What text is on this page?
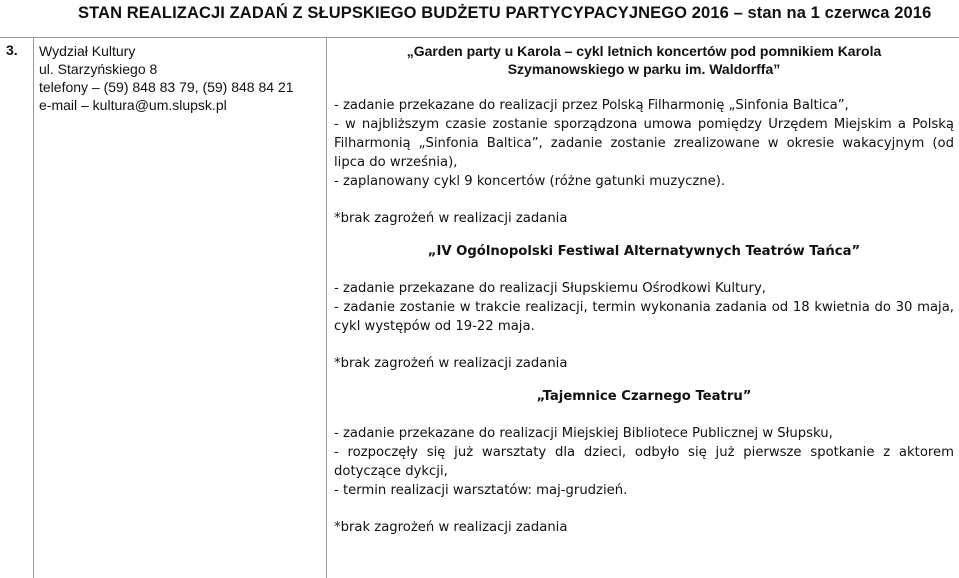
STAN REALIZACJI ZADAŃ Z SŁUPSKIEGO BUDŻETU PARTYCYPACYJNEGO 2016 – stan na 1 czerwca 2016
3. Wydział Kultury
ul. Starzyńskiego 8
telefony – (59) 848 83 79, (59) 848 84 21
e-mail – kultura@um.slupsk.pl
„Garden party u Karola – cykl letnich koncertów pod pomnikiem Karola
Szymanowskiego w parku im. Waldorffa”
- zadanie przekazane do realizacji przez Polską Filharmonię „Sinfonia Baltica”,
- w najbliższym czasie zostanie sporządzona umowa pomiędzy Urzędem Miejskim a Polską Filharmonią „Sinfonia Baltica”, zadanie zostanie zrealizowane w okresie wakacyjnym (od lipca do września),
- zaplanowany cykl 9 koncertów (różne gatunki muzyczne).
*brak zagrożeń w realizacji zadania
„IV Ogólnopolski Festiwal Alternatywnych Teatrów Tańca”
- zadanie przekazane do realizacji Słupskiemu Ośrodkowi Kultury,
- zadanie zostanie w trakcie realizacji, termin wykonania zadania od 18 kwietnia do 30 maja, cykl występów od 19-22 maja.
*brak zagrożeń w realizacji zadania
„Tajemnice Czarnego Teatru”
- zadanie przekazane do realizacji Miejskiej Bibliotece Publicznej w Słupsku,
- rozpoczęły się już warsztaty dla dzieci, odbyło się już pierwsze spotkanie z aktorem dotyczące dykcji,
- termin realizacji warsztatów: maj-grudzień.
*brak zagrożeń w realizacji zadania
